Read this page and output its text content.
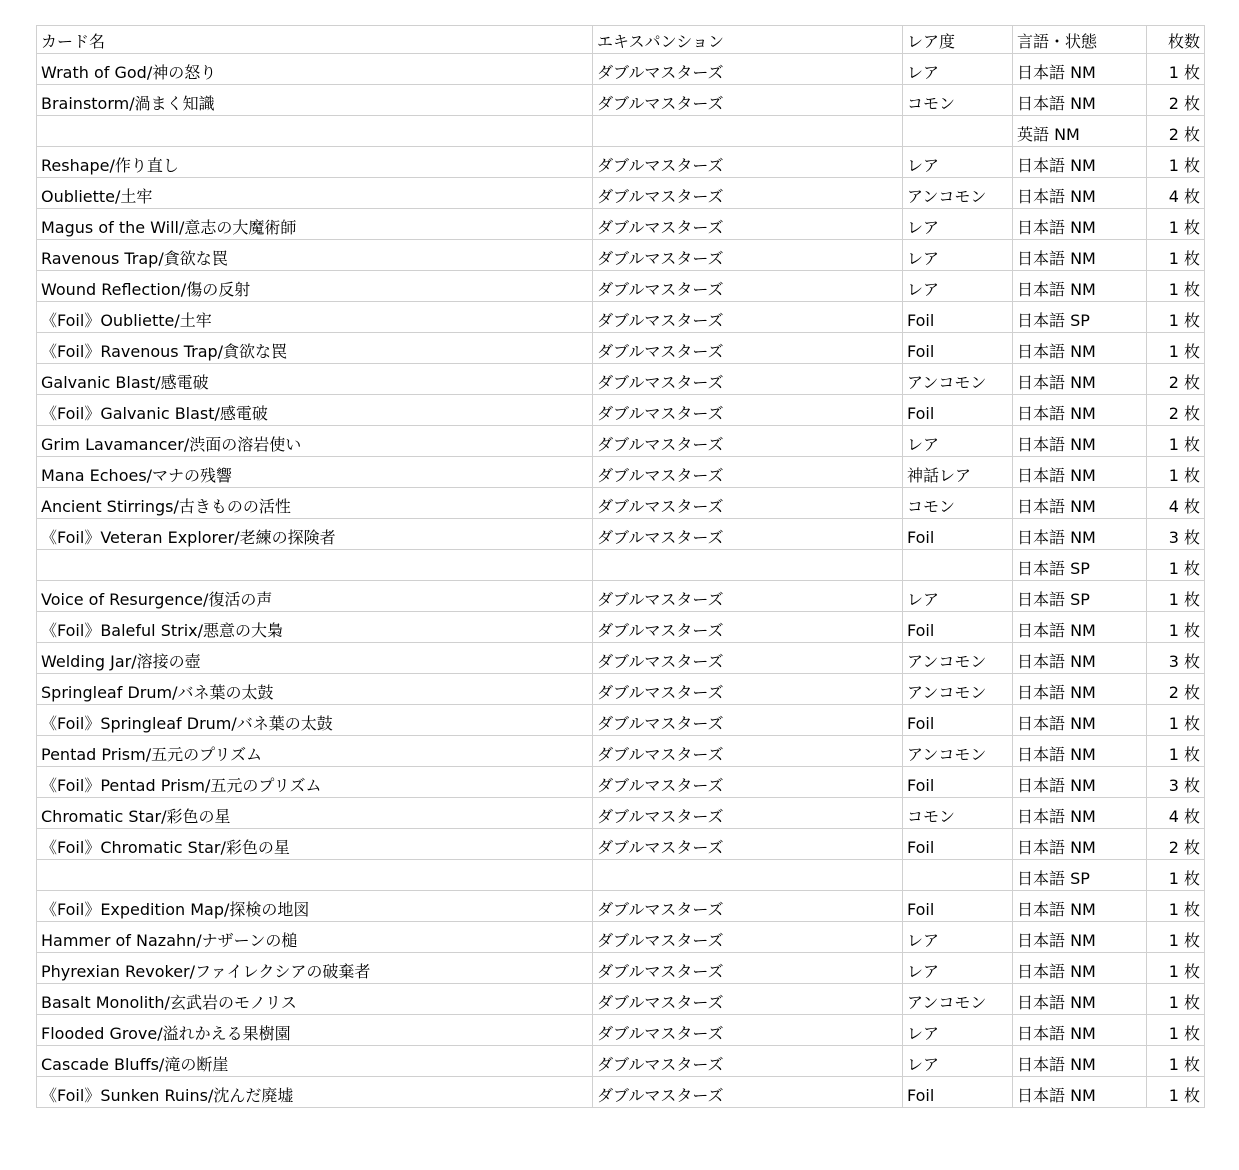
カード名	エキスパンション	レア度	言語・状態	枚数
Wrath of God/神の怒り	ダブルマスターズ	レア	日本語 NM	1 枚
Brainstorm/渦まく知識	ダブルマスターズ	コモン	日本語 NM	2 枚
			英語 NM	2 枚
Reshape/作り直し	ダブルマスターズ	レア	日本語 NM	1 枚
Oubliette/土牢	ダブルマスターズ	アンコモン	日本語 NM	4 枚
Magus of the Will/意志の大魔術師	ダブルマスターズ	レア	日本語 NM	1 枚
Ravenous Trap/貪欲な罠	ダブルマスターズ	レア	日本語 NM	1 枚
Wound Reflection/傷の反射	ダブルマスターズ	レア	日本語 NM	1 枚
《Foil》Oubliette/土牢	ダブルマスターズ	Foil	日本語 SP	1 枚
《Foil》Ravenous Trap/貪欲な罠	ダブルマスターズ	Foil	日本語 NM	1 枚
Galvanic Blast/感電破	ダブルマスターズ	アンコモン	日本語 NM	2 枚
《Foil》Galvanic Blast/感電破	ダブルマスターズ	Foil	日本語 NM	2 枚
Grim Lavamancer/渋面の溶岩使い	ダブルマスターズ	レア	日本語 NM	1 枚
Mana Echoes/マナの残響	ダブルマスターズ	神話レア	日本語 NM	1 枚
Ancient Stirrings/古きものの活性	ダブルマスターズ	コモン	日本語 NM	4 枚
《Foil》Veteran Explorer/老練の探険者	ダブルマスターズ	Foil	日本語 NM	3 枚
			日本語 SP	1 枚
Voice of Resurgence/復活の声	ダブルマスターズ	レア	日本語 SP	1 枚
《Foil》Baleful Strix/悪意の大梟	ダブルマスターズ	Foil	日本語 NM	1 枚
Welding Jar/溶接の壺	ダブルマスターズ	アンコモン	日本語 NM	3 枚
Springleaf Drum/バネ葉の太鼓	ダブルマスターズ	アンコモン	日本語 NM	2 枚
《Foil》Springleaf Drum/バネ葉の太鼓	ダブルマスターズ	Foil	日本語 NM	1 枚
Pentad Prism/五元のプリズム	ダブルマスターズ	アンコモン	日本語 NM	1 枚
《Foil》Pentad Prism/五元のプリズム	ダブルマスターズ	Foil	日本語 NM	3 枚
Chromatic Star/彩色の星	ダブルマスターズ	コモン	日本語 NM	4 枚
《Foil》Chromatic Star/彩色の星	ダブルマスターズ	Foil	日本語 NM	2 枚
			日本語 SP	1 枚
《Foil》Expedition Map/探検の地図	ダブルマスターズ	Foil	日本語 NM	1 枚
Hammer of Nazahn/ナザーンの槌	ダブルマスターズ	レア	日本語 NM	1 枚
Phyrexian Revoker/ファイレクシアの破棄者	ダブルマスターズ	レア	日本語 NM	1 枚
Basalt Monolith/玄武岩のモノリス	ダブルマスターズ	アンコモン	日本語 NM	1 枚
Flooded Grove/溢れかえる果樹園	ダブルマスターズ	レア	日本語 NM	1 枚
Cascade Bluffs/滝の断崖	ダブルマスターズ	レア	日本語 NM	1 枚
《Foil》Sunken Ruins/沈んだ廃墟	ダブルマスターズ	Foil	日本語 NM	1 枚
